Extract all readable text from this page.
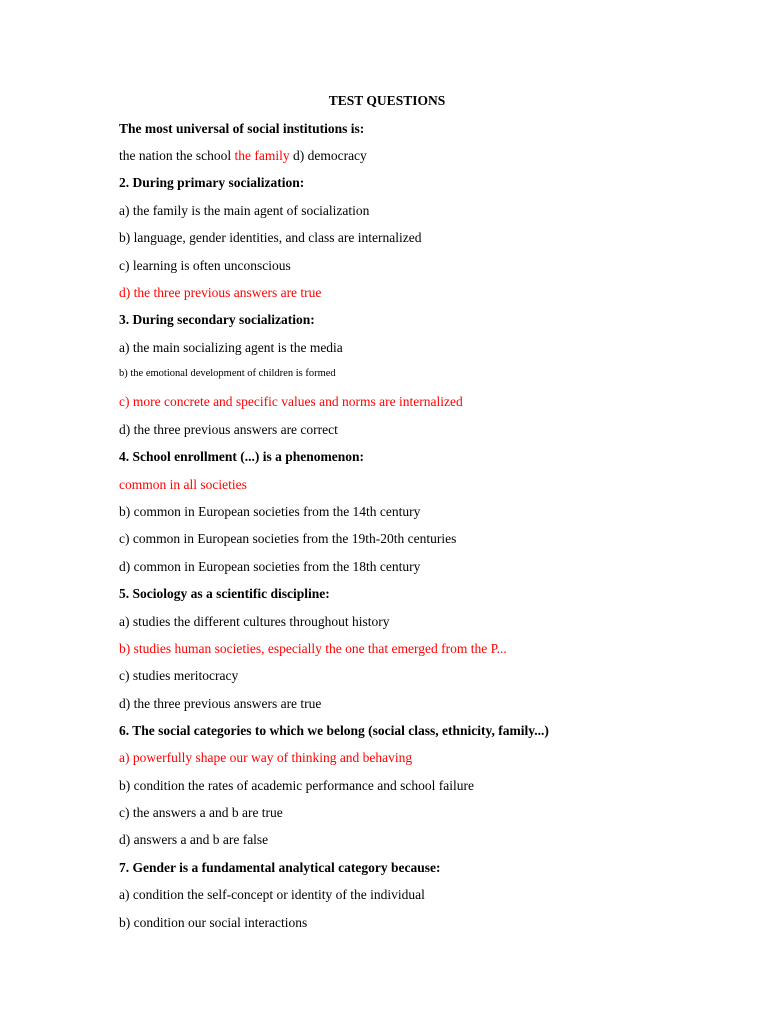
TEST QUESTIONS
The most universal of social institutions is:
the nation the school the family d) democracy
2. During primary socialization:
a) the family is the main agent of socialization
b) language, gender identities, and class are internalized
c) learning is often unconscious
d) the three previous answers are true
3. During secondary socialization:
a) the main socializing agent is the media
b) the emotional development of children is formed
c) more concrete and specific values and norms are internalized
d) the three previous answers are correct
4. School enrollment (...) is a phenomenon:
common in all societies
b) common in European societies from the 14th century
c) common in European societies from the 19th-20th centuries
d) common in European societies from the 18th century
5. Sociology as a scientific discipline:
a) studies the different cultures throughout history
b) studies human societies, especially the one that emerged from the P...
c) studies meritocracy
d) the three previous answers are true
6. The social categories to which we belong (social class, ethnicity, family...)
a) powerfully shape our way of thinking and behaving
b) condition the rates of academic performance and school failure
c) the answers a and b are true
d) answers a and b are false
7. Gender is a fundamental analytical category because:
a) condition the self-concept or identity of the individual
b) condition our social interactions
